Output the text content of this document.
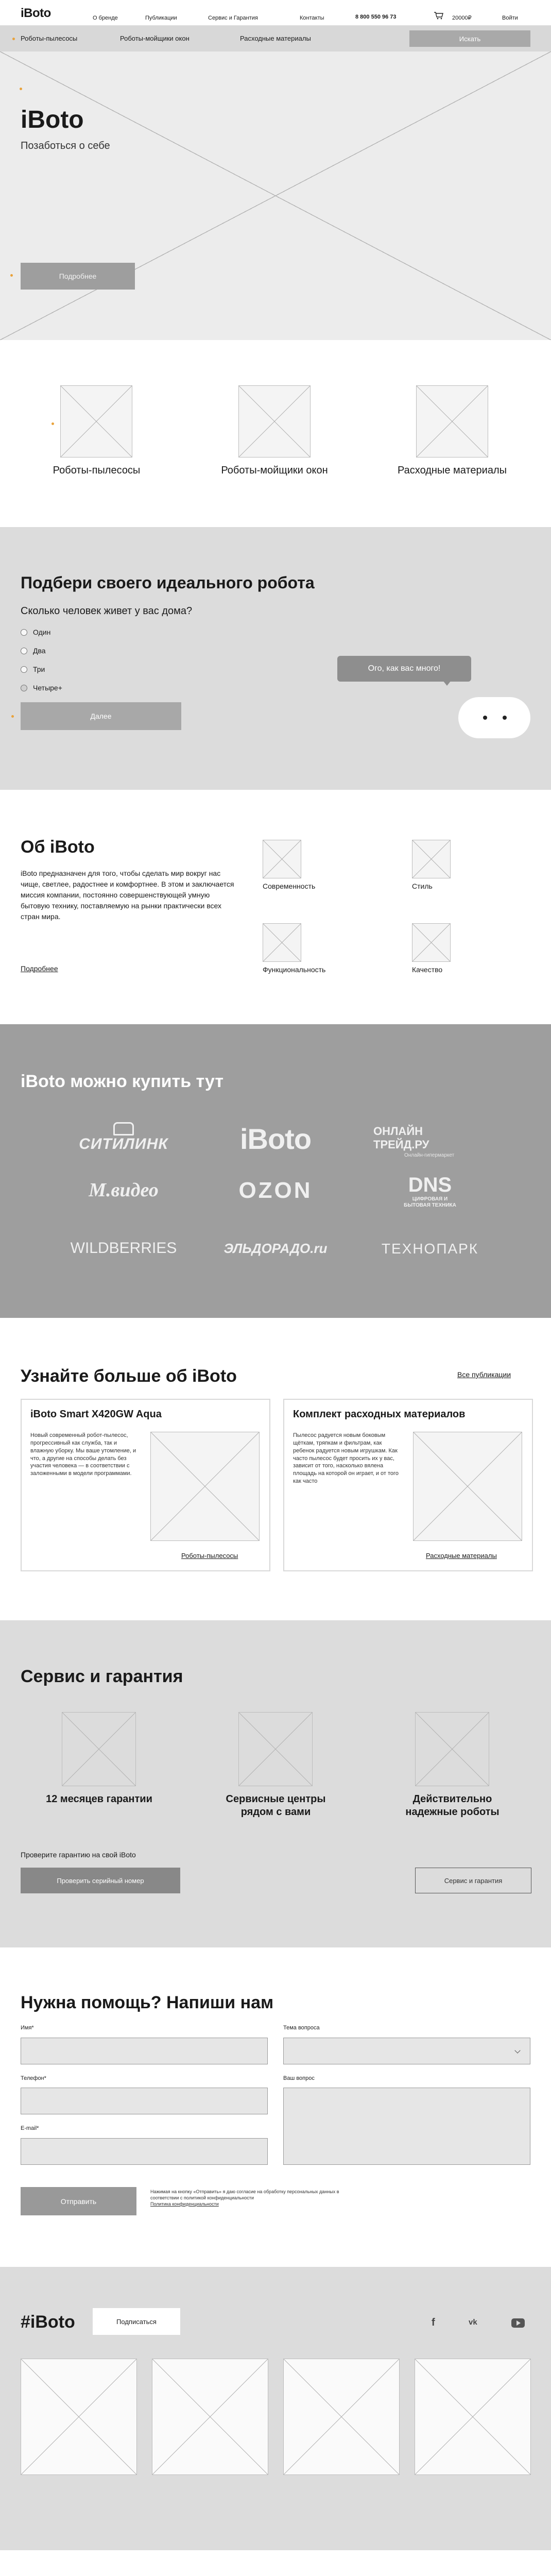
iBoto	О бренде	Публикации	Сервис и Гарантия	Контакты	8 800 550 96 73	20000₽	Войти
Роботы-пылесосы	Роботы-мойщики окон	Расходные материалы	Искать
iBoto
Позаботься о себе
Подробнее
Роботы-пылесосы	Роботы-мойщики окон	Расходные материалы
Подбери своего идеального робота
Сколько человек живет у вас дома?
Один
Два
Три
Четыре+
Далее
Ого, как вас много!
Об iBoto
iBoto предназначен для того, чтобы сделать мир вокруг нас чище, светлее, радостнее и комфортнее. В этом и заключается миссия компании, постоянно совершенствующей умную бытовую технику, поставляемую на рынки практически всех стран мира.
Подробнее
Современность	Стиль
Функциональность	Качество
iBoto можно купить тут
СИТИЛИНК	iBoto	ОНЛАЙН ТРЕЙД.РУ
Онлайн-гипермаркет
М.видео	OZON	DNS
ЦИФРОВАЯ И БЫТОВАЯ ТЕХНИКА
WILDBERRIES	ЭЛЬДОРАДО.ru	ТЕХНОПАРК
Узнайте больше об iBoto	Все публикации
iBoto Smart X420GW Aqua
Новый современный робот-пылесос, прогрессивный как служба, так и влажную уборку. Мы ваше утомление, и что, а другие на способы делать без участия человека — в соответствии с заложенными в модели программами.
Роботы-пылесосы
Комплект расходных материалов
Пылесос радуется новым боковым щёткам, тряпкам и фильтрам, как ребенок радуется новым игрушкам. Как часто пылесос будет просить их у вас, зависит от того, насколько вялена площадь на которой он играет, и от того как часто
Расходные материалы
Сервис и гарантия
12 месяцев гарантии	Сервисные центры
рядом с вами
Действительно
надежные роботы
Проверите гарантию на свой iBoto
Проверить серийный номер	Сервис и гарантия
Нужна помощь? Напиши нам
Имя*	Тема вопроса
Телефон*	Ваш вопрос
E-mail*
Отправить
Нажимая на кнопку «Отправить» я даю согласие на обработку персональных данных в соответствии с политикой конфиденциальности
Политика конфиденциальности
#iBoto	Подписаться	f	vk
